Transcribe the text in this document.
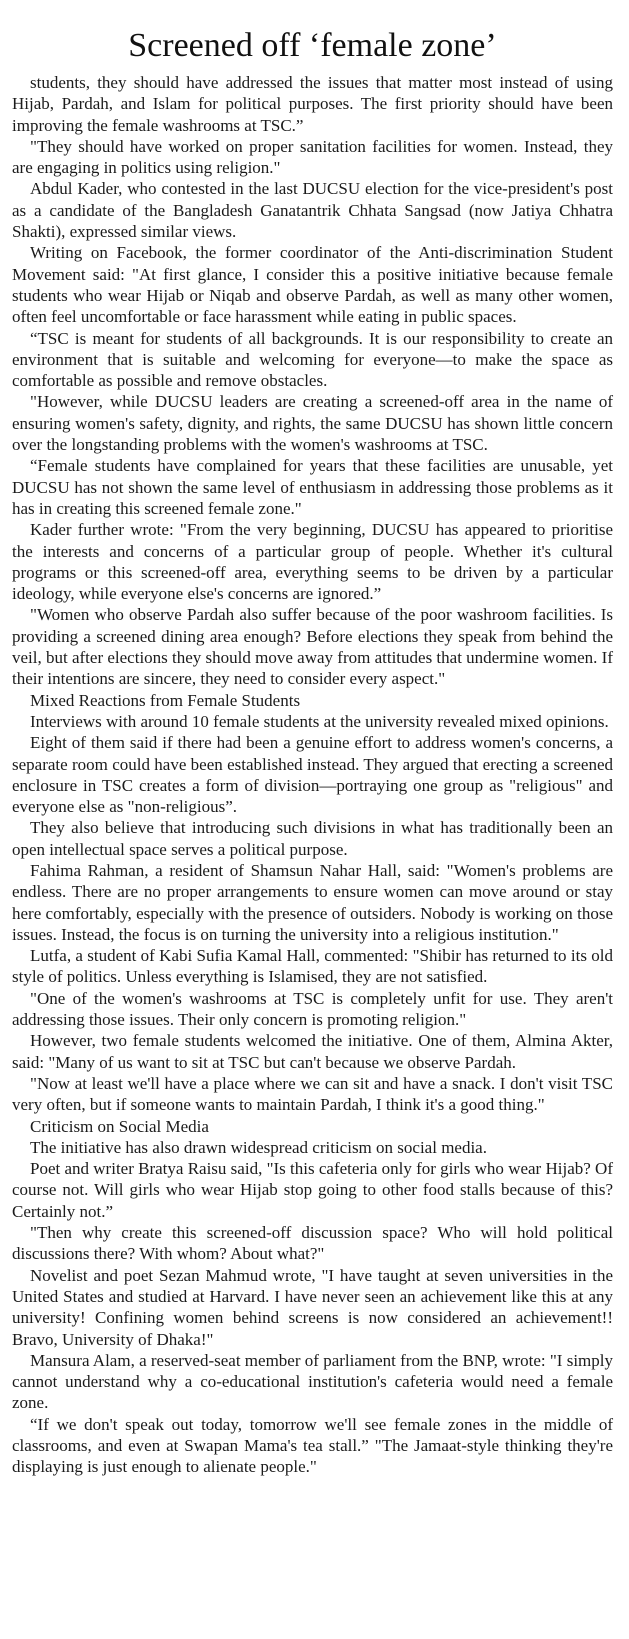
Screened off ‘female zone’

students, they should have addressed the issues that matter most instead of using Hijab, Pardah, and Islam for political purposes. The first priority should have been improving the female washrooms at TSC.”

"They should have worked on proper sanitation facilities for women. Instead, they are engaging in politics using religion."

Abdul Kader, who contested in the last DUCSU election for the vice-president's post as a candidate of the Bangladesh Ganatantrik Chhata Sangsad (now Jatiya Chhatra Shakti), expressed similar views.

Writing on Facebook, the former coordinator of the Anti-discrimination Student Movement said: "At first glance, I consider this a positive initiative because female students who wear Hijab or Niqab and observe Pardah, as well as many other women, often feel uncomfortable or face harassment while eating in public spaces.

“TSC is meant for students of all backgrounds. It is our responsibility to create an environment that is suitable and welcoming for everyone—to make the space as comfortable as possible and remove obstacles.

"However, while DUCSU leaders are creating a screened-off area in the name of ensuring women's safety, dignity, and rights, the same DUCSU has shown little concern over the longstanding problems with the women's washrooms at TSC.

“Female students have complained for years that these facilities are unusable, yet DUCSU has not shown the same level of enthusiasm in addressing those problems as it has in creating this screened female zone."

Kader further wrote: "From the very beginning, DUCSU has appeared to prioritise the interests and concerns of a particular group of people. Whether it's cultural programs or this screened-off area, everything seems to be driven by a particular ideology, while everyone else's concerns are ignored.”

"Women who observe Pardah also suffer because of the poor washroom facilities. Is providing a screened dining area enough? Before elections they speak from behind the veil, but after elections they should move away from attitudes that undermine women. If their intentions are sincere, they need to consider every aspect."

Mixed Reactions from Female Students

Interviews with around 10 female students at the university revealed mixed opinions.

Eight of them said if there had been a genuine effort to address women's concerns, a separate room could have been established instead. They argued that erecting a screened enclosure in TSC creates a form of division—portraying one group as "religious" and everyone else as "non-religious”.

They also believe that introducing such divisions in what has traditionally been an open intellectual space serves a political purpose.

Fahima Rahman, a resident of Shamsun Nahar Hall, said: "Women's problems are endless. There are no proper arrangements to ensure women can move around or stay here comfortably, especially with the presence of outsiders. Nobody is working on those issues. Instead, the focus is on turning the university into a religious institution."

Lutfa, a student of Kabi Sufia Kamal Hall, commented: "Shibir has returned to its old style of politics. Unless everything is Islamised, they are not satisfied.

"One of the women's washrooms at TSC is completely unfit for use. They aren't addressing those issues. Their only concern is promoting religion."

However, two female students welcomed the initiative. One of them, Almina Akter, said: "Many of us want to sit at TSC but can't because we observe Pardah.

"Now at least we'll have a place where we can sit and have a snack. I don't visit TSC very often, but if someone wants to maintain Pardah, I think it's a good thing."

Criticism on Social Media

The initiative has also drawn widespread criticism on social media.

Poet and writer Bratya Raisu said, "Is this cafeteria only for girls who wear Hijab? Of course not. Will girls who wear Hijab stop going to other food stalls because of this? Certainly not.”

"Then why create this screened-off discussion space? Who will hold political discussions there? With whom? About what?"

Novelist and poet Sezan Mahmud wrote, "I have taught at seven universities in the United States and studied at Harvard. I have never seen an achievement like this at any university! Confining women behind screens is now considered an achievement!! Bravo, University of Dhaka!"

Mansura Alam, a reserved-seat member of parliament from the BNP, wrote: "I simply cannot understand why a co-educational institution's cafeteria would need a female zone.

“If we don't speak out today, tomorrow we'll see female zones in the middle of classrooms, and even at Swapan Mama's tea stall.” "The Jamaat-style thinking they're displaying is just enough to alienate people."
